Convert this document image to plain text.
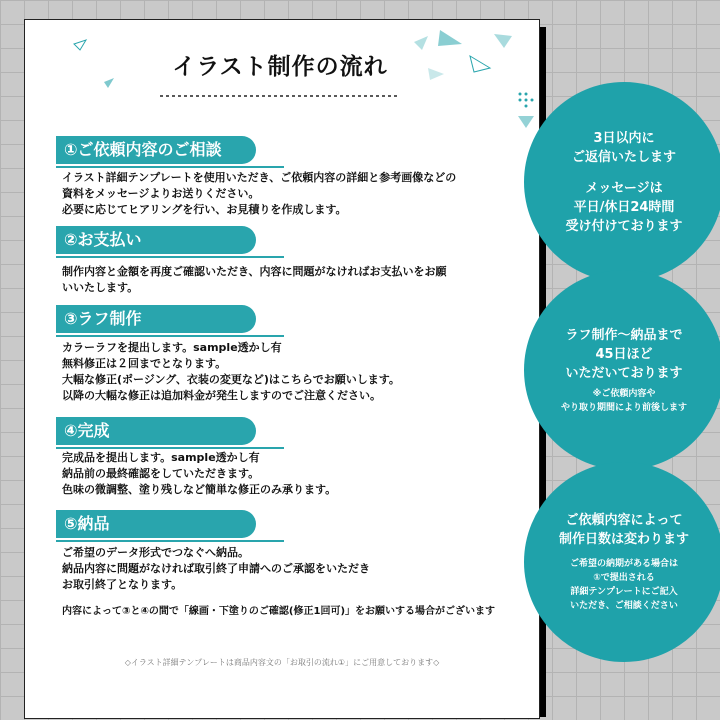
イラスト制作の流れ
①ご依頼内容のご相談
イラスト詳細テンプレートを使用いただき、ご依頼内容の詳細と参考画像などの
資料をメッセージよりお送りください。
必要に応じてヒアリングを行い、お見積りを作成します。
②お支払い
制作内容と金額を再度ご確認いただき、内容に問題がなければお支払いをお願
いいたします。
③ラフ制作
カラーラフを提出します。sample透かし有
無料修正は２回までとなります。
大幅な修正(ポージング、衣装の変更など)はこちらでお願いします。
以降の大幅な修正は追加料金が発生しますのでご注意ください。
④完成
完成品を提出します。sample透かし有
納品前の最終確認をしていただきます。
色味の微調整、塗り残しなど簡単な修正のみ承ります。
⑤納品
ご希望のデータ形式でつなぐへ納品。
納品内容に問題がなければ取引終了申請へのご承認をいただき
お取引終了となります。
内容によって③と④の間で「線画・下塗りのご確認(修正1回可)」をお願いする場合がございます
◇イラスト詳細テンプレートは商品内容文の「お取引の流れ①」にご用意しております◇
3日以内に
ご返信いたします
メッセージは
平日/休日24時間
受け付けております
ラフ制作～納品まで
45日ほど
いただいております
※ご依頼内容や
やり取り期間により前後します
ご依頼内容によって
制作日数は変わります
ご希望の納期がある場合は
①で提出される
詳細テンプレートにご記入
いただき、ご相談ください
